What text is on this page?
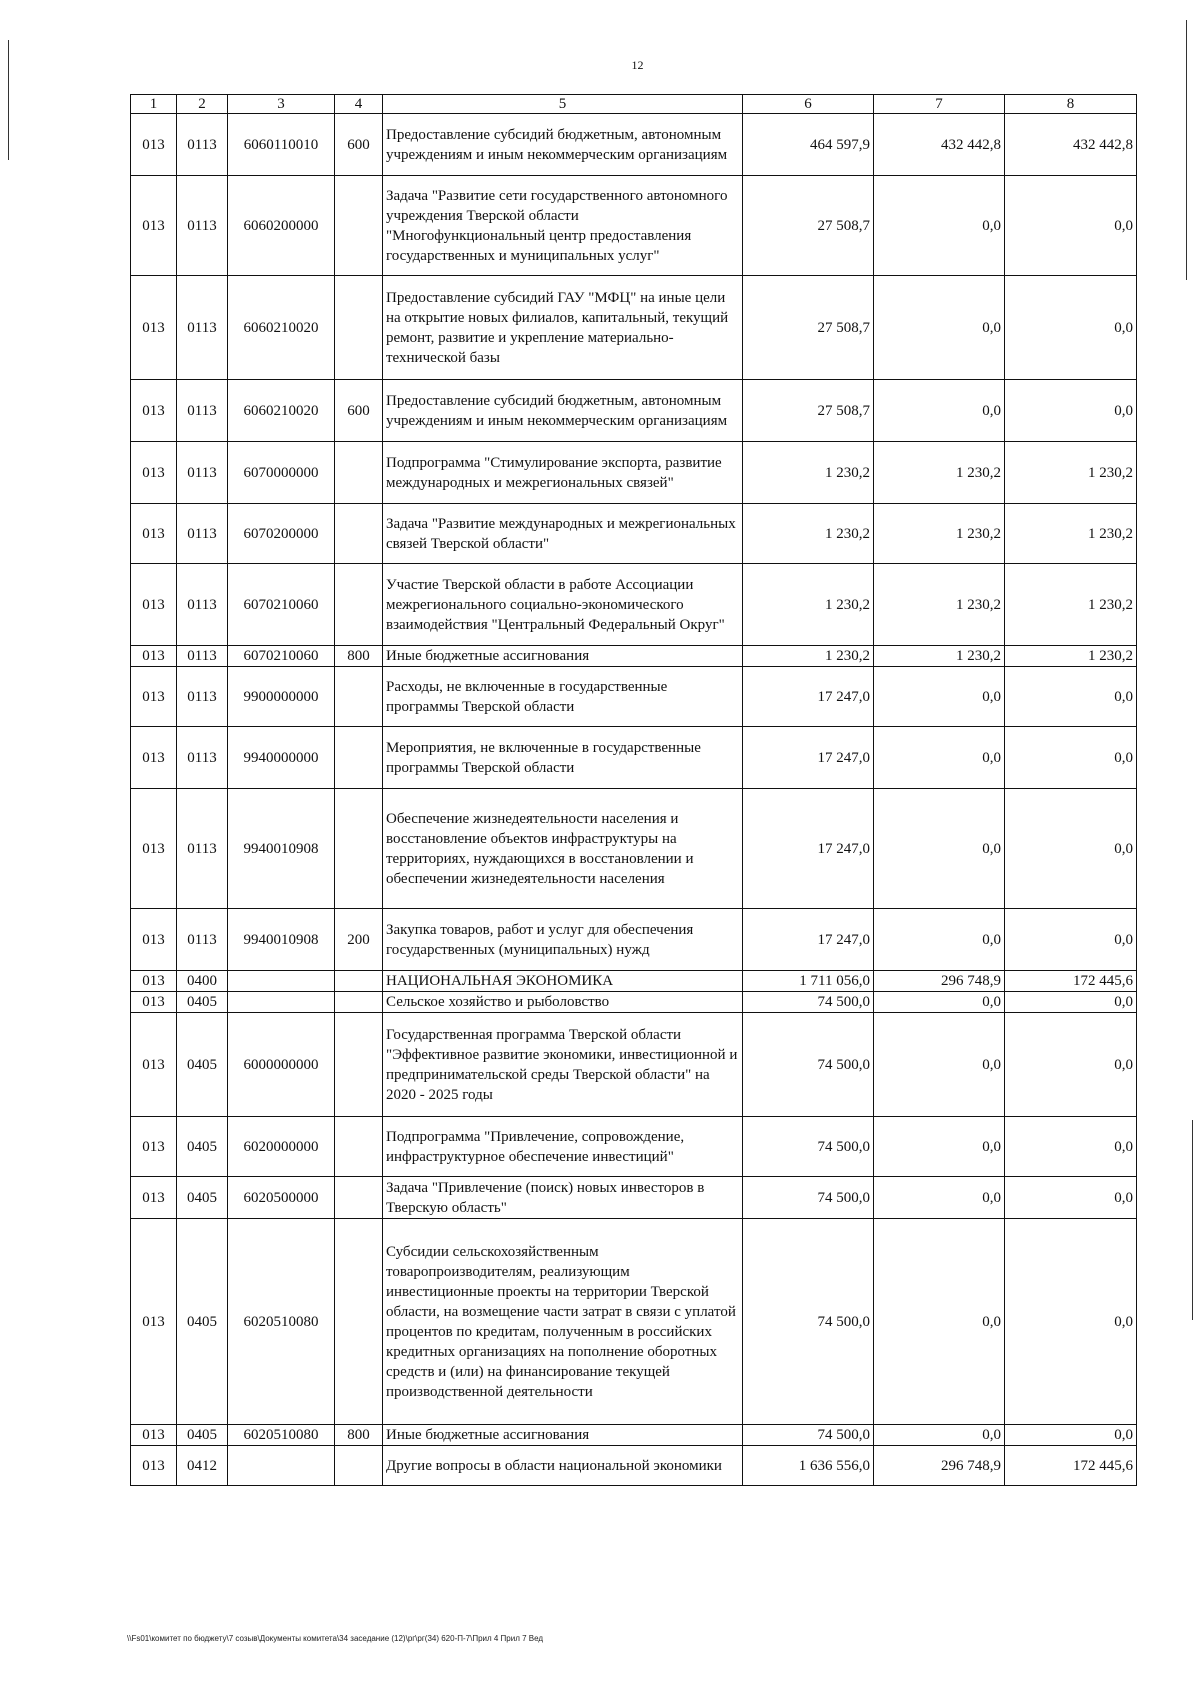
12
1	2	3	4	5	6	7	8
013	0113	6060110010	600	Предоставление субсидий бюджетным, автономным учреждениям и иным некоммерческим организациям	464 597,9	432 442,8	432 442,8
013	0113	6060200000		Задача "Развитие сети государственного автономного учреждения Тверской области "Многофункциональный центр предоставления государственных и муниципальных услуг"	27 508,7	0,0	0,0
013	0113	6060210020		Предоставление субсидий ГАУ "МФЦ" на иные цели на открытие новых филиалов, капитальный, текущий ремонт, развитие и укрепление материально-технической базы	27 508,7	0,0	0,0
013	0113	6060210020	600	Предоставление субсидий бюджетным, автономным учреждениям и иным некоммерческим организациям	27 508,7	0,0	0,0
013	0113	6070000000		Подпрограмма "Стимулирование экспорта, развитие международных и межрегиональных связей"	1 230,2	1 230,2	1 230,2
013	0113	6070200000		Задача "Развитие международных и межрегиональных связей Тверской области"	1 230,2	1 230,2	1 230,2
013	0113	6070210060		Участие Тверской области в работе Ассоциации межрегионального социально-экономического взаимодействия "Центральный Федеральный Округ"	1 230,2	1 230,2	1 230,2
013	0113	6070210060	800	Иные бюджетные ассигнования	1 230,2	1 230,2	1 230,2
013	0113	9900000000		Расходы, не включенные в государственные программы Тверской области	17 247,0	0,0	0,0
013	0113	9940000000		Мероприятия, не включенные в государственные программы Тверской области	17 247,0	0,0	0,0
013	0113	9940010908		Обеспечение жизнедеятельности населения и восстановление объектов инфраструктуры на территориях, нуждающихся в восстановлении и обеспечении жизнедеятельности населения	17 247,0	0,0	0,0
013	0113	9940010908	200	Закупка товаров, работ и услуг для обеспечения государственных (муниципальных) нужд	17 247,0	0,0	0,0
013	0400			НАЦИОНАЛЬНАЯ ЭКОНОМИКА	1 711 056,0	296 748,9	172 445,6
013	0405			Сельское хозяйство и рыболовство	74 500,0	0,0	0,0
013	0405	6000000000		Государственная программа Тверской области "Эффективное развитие экономики, инвестиционной и предпринимательской среды Тверской области" на 2020 - 2025 годы	74 500,0	0,0	0,0
013	0405	6020000000		Подпрограмма "Привлечение, сопровождение, инфраструктурное обеспечение инвестиций"	74 500,0	0,0	0,0
013	0405	6020500000		Задача "Привлечение (поиск) новых инвесторов в Тверскую область"	74 500,0	0,0	0,0
013	0405	6020510080		Субсидии сельскохозяйственным товаропроизводителям, реализующим инвестиционные проекты на территории Тверской области, на возмещение части затрат в связи с уплатой процентов по кредитам, полученным в российских кредитных организациях на пополнение оборотных средств и (или) на финансирование текущей производственной деятельности	74 500,0	0,0	0,0
013	0405	6020510080	800	Иные бюджетные ассигнования	74 500,0	0,0	0,0
013	0412			Другие вопросы в области национальной экономики	1 636 556,0	296 748,9	172 445,6
\\Fs01\комитет по бюджету\7 созыв\Документы комитета\34 заседание (12)\рг\рг(34) 620-П-7\Прил 4 Прил 7 Вед
